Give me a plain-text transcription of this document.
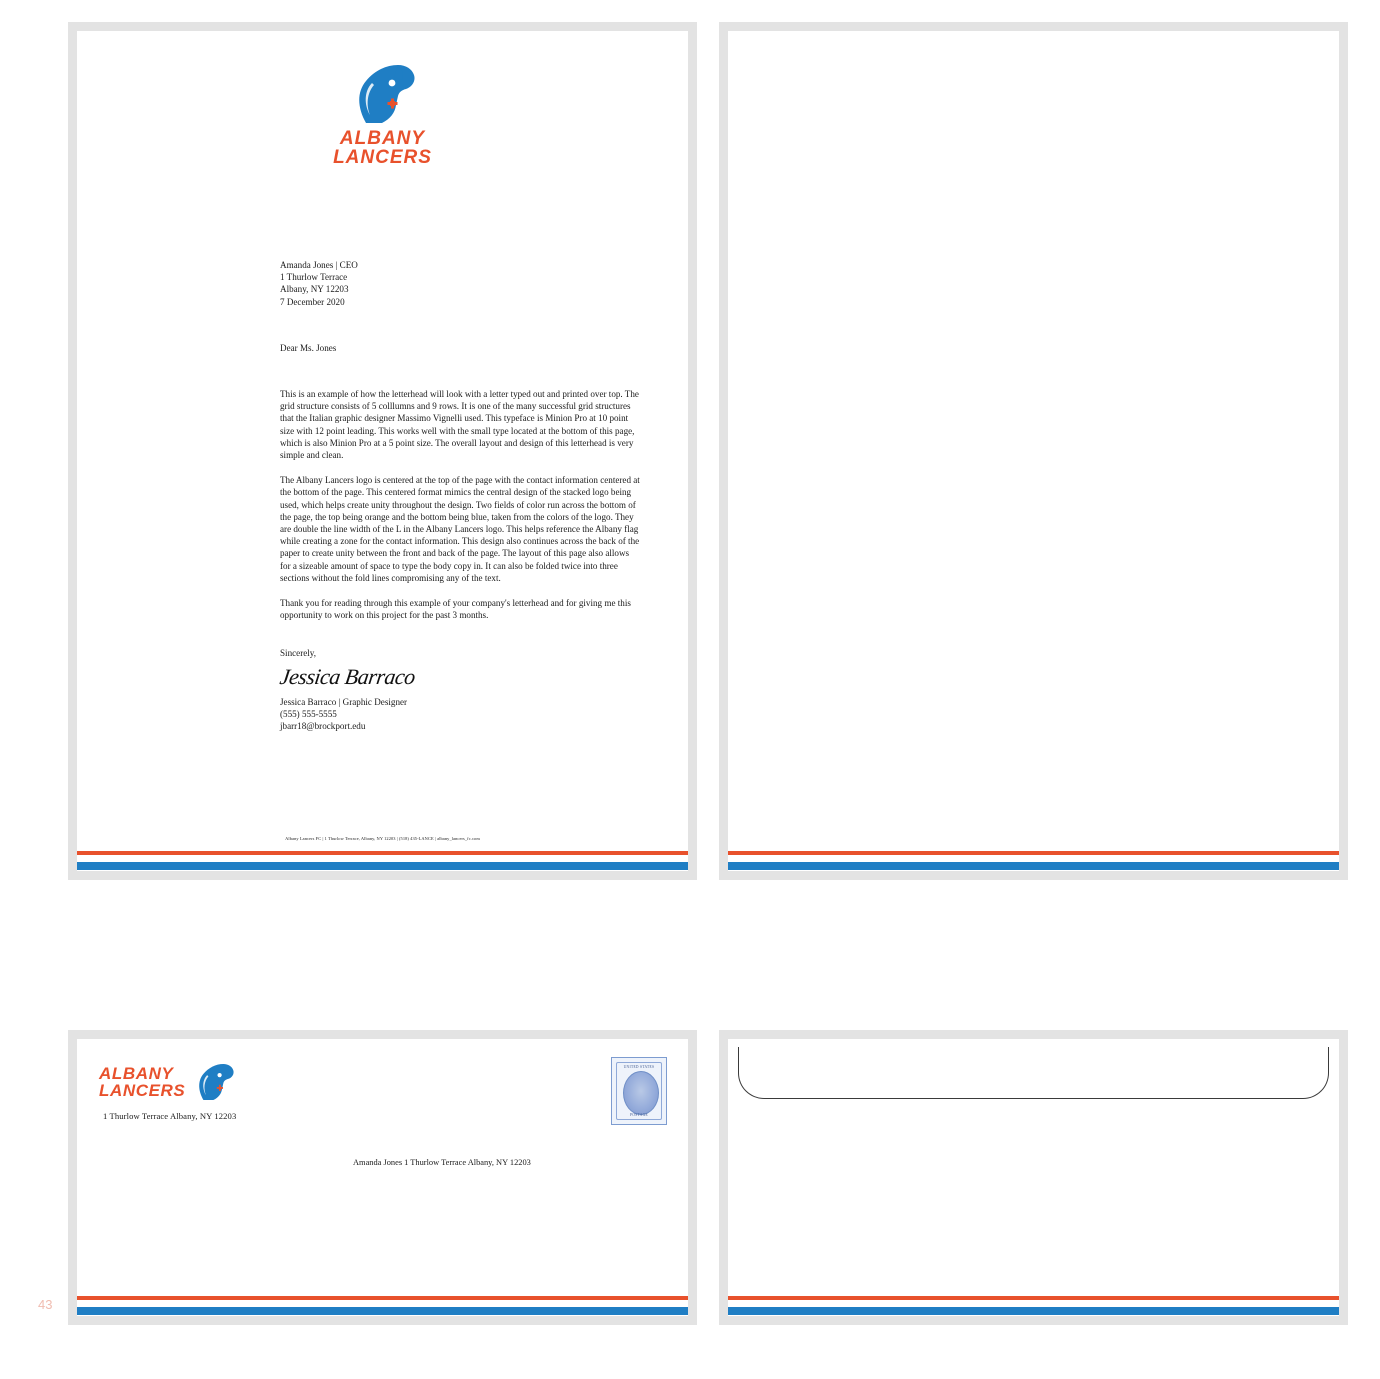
ALBANY
LANCERS
Amanda Jones | CEO
1 Thurlow Terrace
Albany, NY 12203
7 December 2020

Dear Ms. Jones

This is an example of how the letterhead will look with a letter typed out and printed over top. The grid structure consists of 5 colllumns and 9 rows. It is one of the many successful grid structures that the Italian graphic designer Massimo Vignelli used. This typeface is Minion Pro at 10 point size with 12 point leading. This works well with the small type located at the bottom of this page, which is also Minion Pro at a 5 point size. The overall layout and design of this letterhead is very simple and clean.

The Albany Lancers logo is centered at the top of the page with the contact information centered at the bottom of the page. This centered format mimics the central design of the stacked logo being used, which helps create unity throughout the design. Two fields of color run across the bottom of the page, the top being orange and the bottom being blue, taken from the colors of the logo. They are double the line width of the L in the Albany Lancers logo. This helps reference the Albany flag while creating a zone for the contact information. This design also continues across the back of the paper to create unity between the front and back of the page. The layout of this page also allows for a sizeable amount of space to type the body copy in. It can also be folded twice into three sections without the fold lines compromising any of the text.

Thank you for reading through this example of your company's letterhead and for giving me this opportunity to work on this project for the past 3 months.

Sincerely,

Jessica Barraco
Jessica Barraco | Graphic Designer
(555) 555-5555
jbarr18@brockport.edu
Albany Lancers FC | 1 Thurlow Terrace, Albany, NY 12203 | (518) 435-LANCE | albany_lancers_fc.com
ALBANY
LANCERS
1 Thurlow Terrace Albany, NY 12203
UNITED STATES
POSTAGE
Amanda Jones 1 Thurlow Terrace Albany, NY 12203
43
